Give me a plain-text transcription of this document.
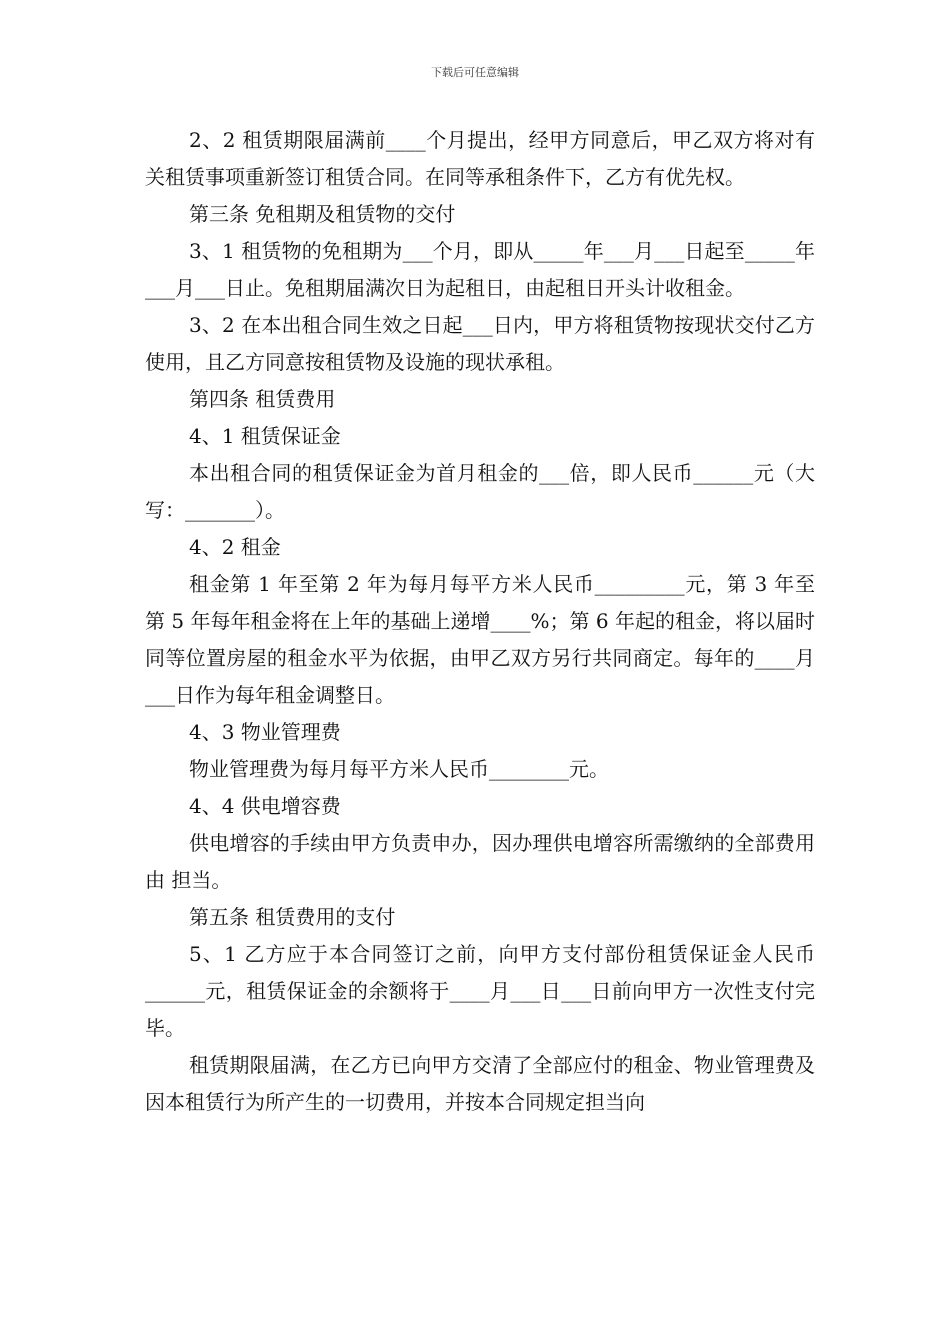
下载后可任意编辑

2、2 租赁期限届满前____个月提出，经甲方同意后，甲乙双方将对有关租赁事项重新签订租赁合同。在同等承租条件下，乙方有优先权。

第三条 免租期及租赁物的交付

3、1 租赁物的免租期为___个月，即从_____年___月___日起至_____年___月___日止。免租期届满次日为起租日，由起租日开头计收租金。

3、2 在本出租合同生效之日起___日内，甲方将租赁物按现状交付乙方使用，且乙方同意按租赁物及设施的现状承租。

第四条 租赁费用

4、1 租赁保证金

本出租合同的租赁保证金为首月租金的___倍，即人民币______元（大写：_______）。

4、2 租金

租金第 1 年至第 2 年为每月每平方米人民币_________元，第 3 年至第 5 年每年租金将在上年的基础上递增____%；第 6 年起的租金，将以届时同等位置房屋的租金水平为依据，由甲乙双方另行共同商定。每年的____月___日作为每年租金调整日。

4、3 物业管理费

物业管理费为每月每平方米人民币________元。

4、4 供电增容费

供电增容的手续由甲方负责申办，因办理供电增容所需缴纳的全部费用由 担当。

第五条 租赁费用的支付

5、1 乙方应于本合同签订之前，向甲方支付部份租赁保证金人民币______元，租赁保证金的余额将于____月___日___日前向甲方一次性支付完毕。

租赁期限届满，在乙方已向甲方交清了全部应付的租金、物业管理费及因本租赁行为所产生的一切费用，并按本合同规定担当向
